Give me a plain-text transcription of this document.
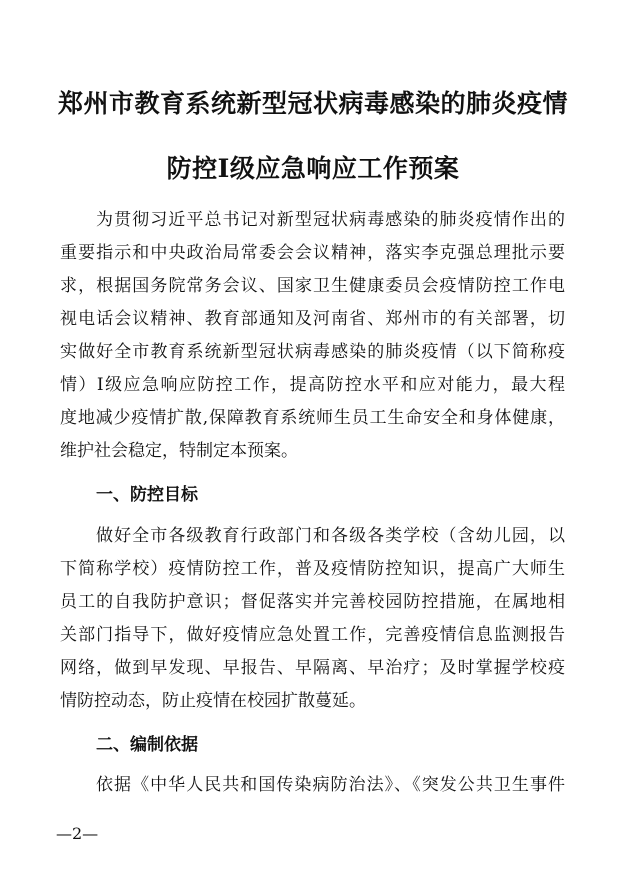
郑州市教育系统新型冠状病毒感染的肺炎疫情
防控Ⅰ级应急响应工作预案
为贯彻习近平总书记对新型冠状病毒感染的肺炎疫情作出的
重要指示和中央政治局常委会会议精神，落实李克强总理批示要
求，根据国务院常务会议、国家卫生健康委员会疫情防控工作电
视电话会议精神、教育部通知及河南省、郑州市的有关部署，切
实做好全市教育系统新型冠状病毒感染的肺炎疫情（以下简称疫
情）Ⅰ级应急响应防控工作，提高防控水平和应对能力，最大程
度地减少疫情扩散,保障教育系统师生员工生命安全和身体健康，
维护社会稳定，特制定本预案。
一、防控目标
做好全市各级教育行政部门和各级各类学校（含幼儿园，以
下简称学校）疫情防控工作，普及疫情防控知识，提高广大师生
员工的自我防护意识；督促落实并完善校园防控措施，在属地相
关部门指导下，做好疫情应急处置工作，完善疫情信息监测报告
网络，做到早发现、早报告、早隔离、早治疗；及时掌握学校疫
情防控动态，防止疫情在校园扩散蔓延。
二、编制依据
依据《中华人民共和国传染病防治法》、《突发公共卫生事件
—2—
